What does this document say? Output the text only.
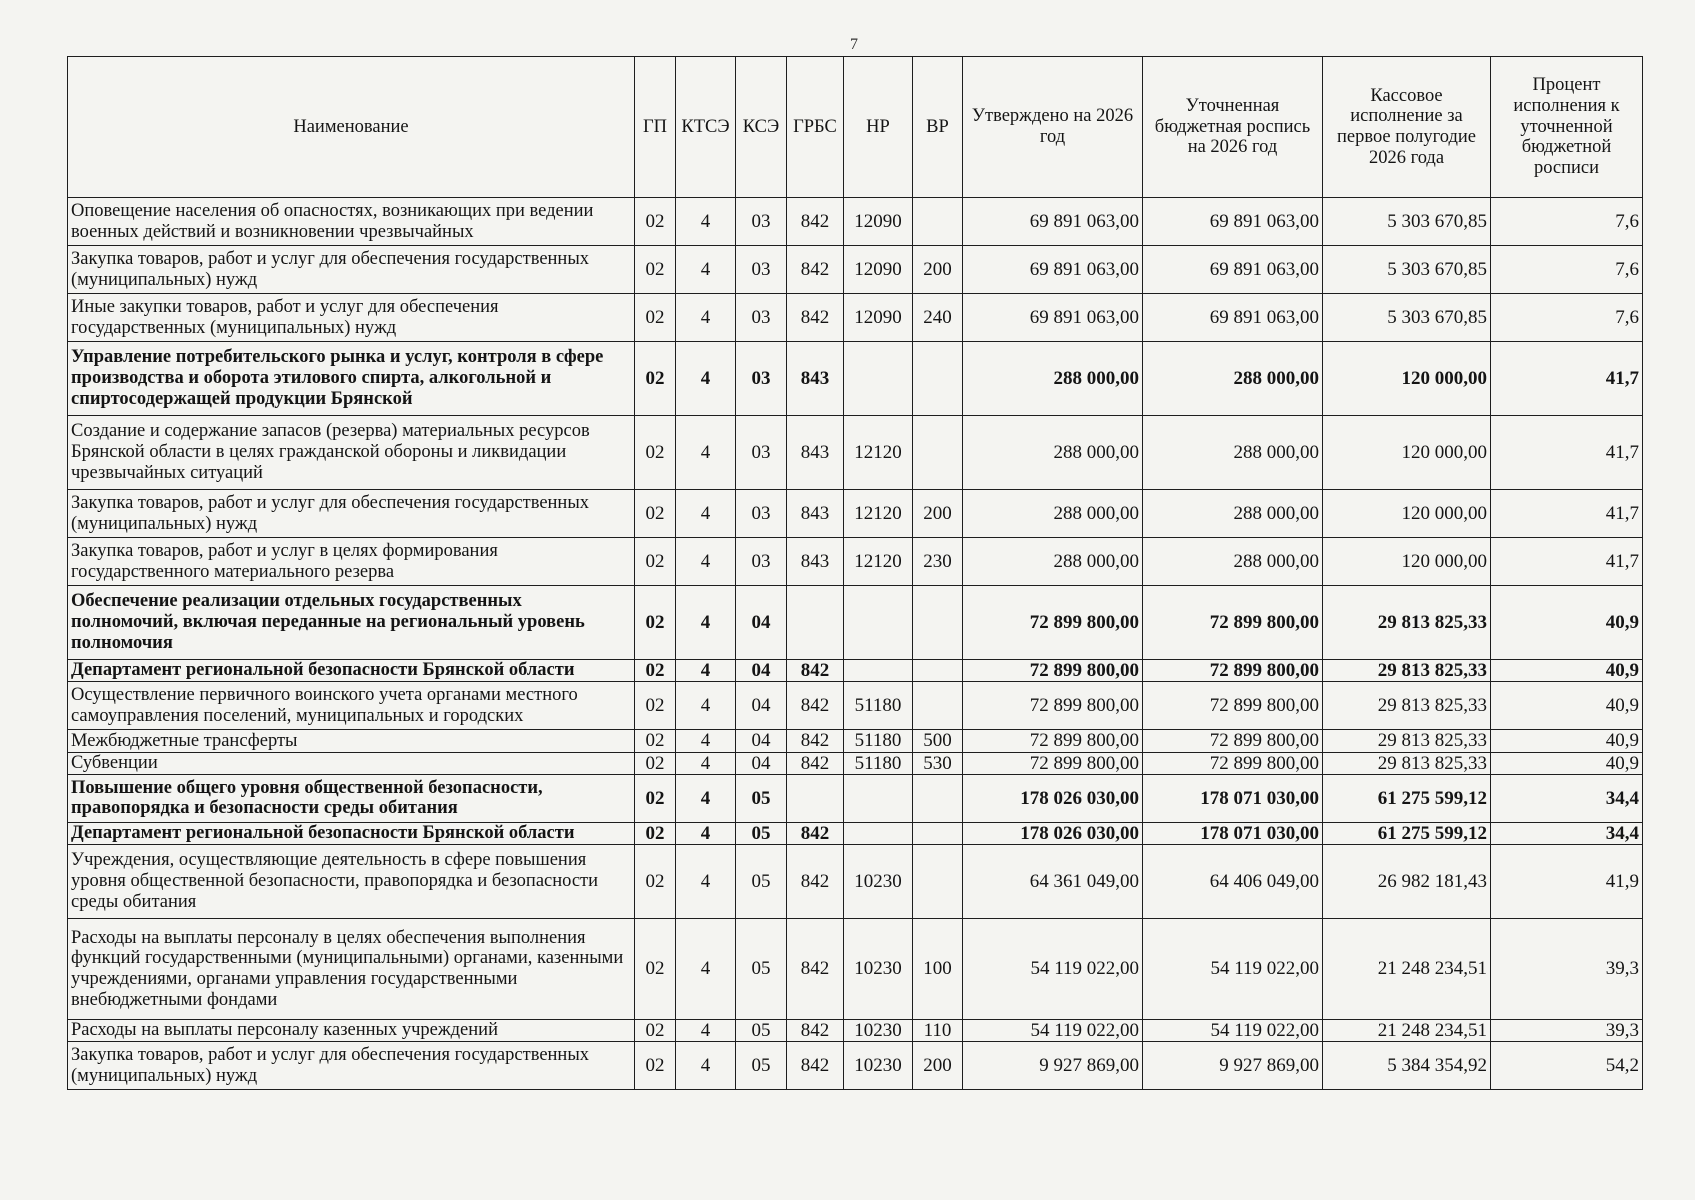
7
Наименование	ГП	КТСЭ	КСЭ	ГРБС	НР	ВР	Утверждено на 2026 год	Уточненная бюджетная роспись на 2026 год	Кассовое исполнение за первое полугодие 2026 года	Процент исполнения к уточненной бюджетной росписи
Оповещение населения об опасностях, возникающих при ведении военных действий и возникновении чрезвычайных	02	4	03	842	12090		69 891 063,00	69 891 063,00	5 303 670,85	7,6
Закупка товаров, работ и услуг для обеспечения государственных (муниципальных) нужд	02	4	03	842	12090	200	69 891 063,00	69 891 063,00	5 303 670,85	7,6
Иные закупки товаров, работ и услуг для обеспечения государственных (муниципальных) нужд	02	4	03	842	12090	240	69 891 063,00	69 891 063,00	5 303 670,85	7,6
Управление потребительского рынка и услуг, контроля в сфере производства и оборота этилового спирта, алкогольной и спиртосодержащей продукции Брянской	02	4	03	843			288 000,00	288 000,00	120 000,00	41,7
Создание и содержание запасов (резерва) материальных ресурсов Брянской области в целях гражданской обороны и ликвидации чрезвычайных ситуаций	02	4	03	843	12120		288 000,00	288 000,00	120 000,00	41,7
Закупка товаров, работ и услуг для обеспечения государственных (муниципальных) нужд	02	4	03	843	12120	200	288 000,00	288 000,00	120 000,00	41,7
Закупка товаров, работ и услуг в целях формирования государственного материального резерва	02	4	03	843	12120	230	288 000,00	288 000,00	120 000,00	41,7
Обеспечение реализации отдельных государственных полномочий, включая переданные на региональный уровень полномочия	02	4	04				72 899 800,00	72 899 800,00	29 813 825,33	40,9
Департамент региональной безопасности Брянской области	02	4	04	842			72 899 800,00	72 899 800,00	29 813 825,33	40,9
Осуществление первичного воинского учета органами местного самоуправления поселений, муниципальных и городских	02	4	04	842	51180		72 899 800,00	72 899 800,00	29 813 825,33	40,9
Межбюджетные трансферты	02	4	04	842	51180	500	72 899 800,00	72 899 800,00	29 813 825,33	40,9
Субвенции	02	4	04	842	51180	530	72 899 800,00	72 899 800,00	29 813 825,33	40,9
Повышение общего уровня общественной безопасности, правопорядка и безопасности среды обитания	02	4	05				178 026 030,00	178 071 030,00	61 275 599,12	34,4
Департамент региональной безопасности Брянской области	02	4	05	842			178 026 030,00	178 071 030,00	61 275 599,12	34,4
Учреждения, осуществляющие деятельность в сфере повышения уровня общественной безопасности, правопорядка и безопасности среды обитания	02	4	05	842	10230		64 361 049,00	64 406 049,00	26 982 181,43	41,9
Расходы на выплаты персоналу в целях обеспечения выполнения функций государственными (муниципальными) органами, казенными учреждениями, органами управления государственными внебюджетными фондами	02	4	05	842	10230	100	54 119 022,00	54 119 022,00	21 248 234,51	39,3
Расходы на выплаты персоналу казенных учреждений	02	4	05	842	10230	110	54 119 022,00	54 119 022,00	21 248 234,51	39,3
Закупка товаров, работ и услуг для обеспечения государственных (муниципальных) нужд	02	4	05	842	10230	200	9 927 869,00	9 927 869,00	5 384 354,92	54,2
